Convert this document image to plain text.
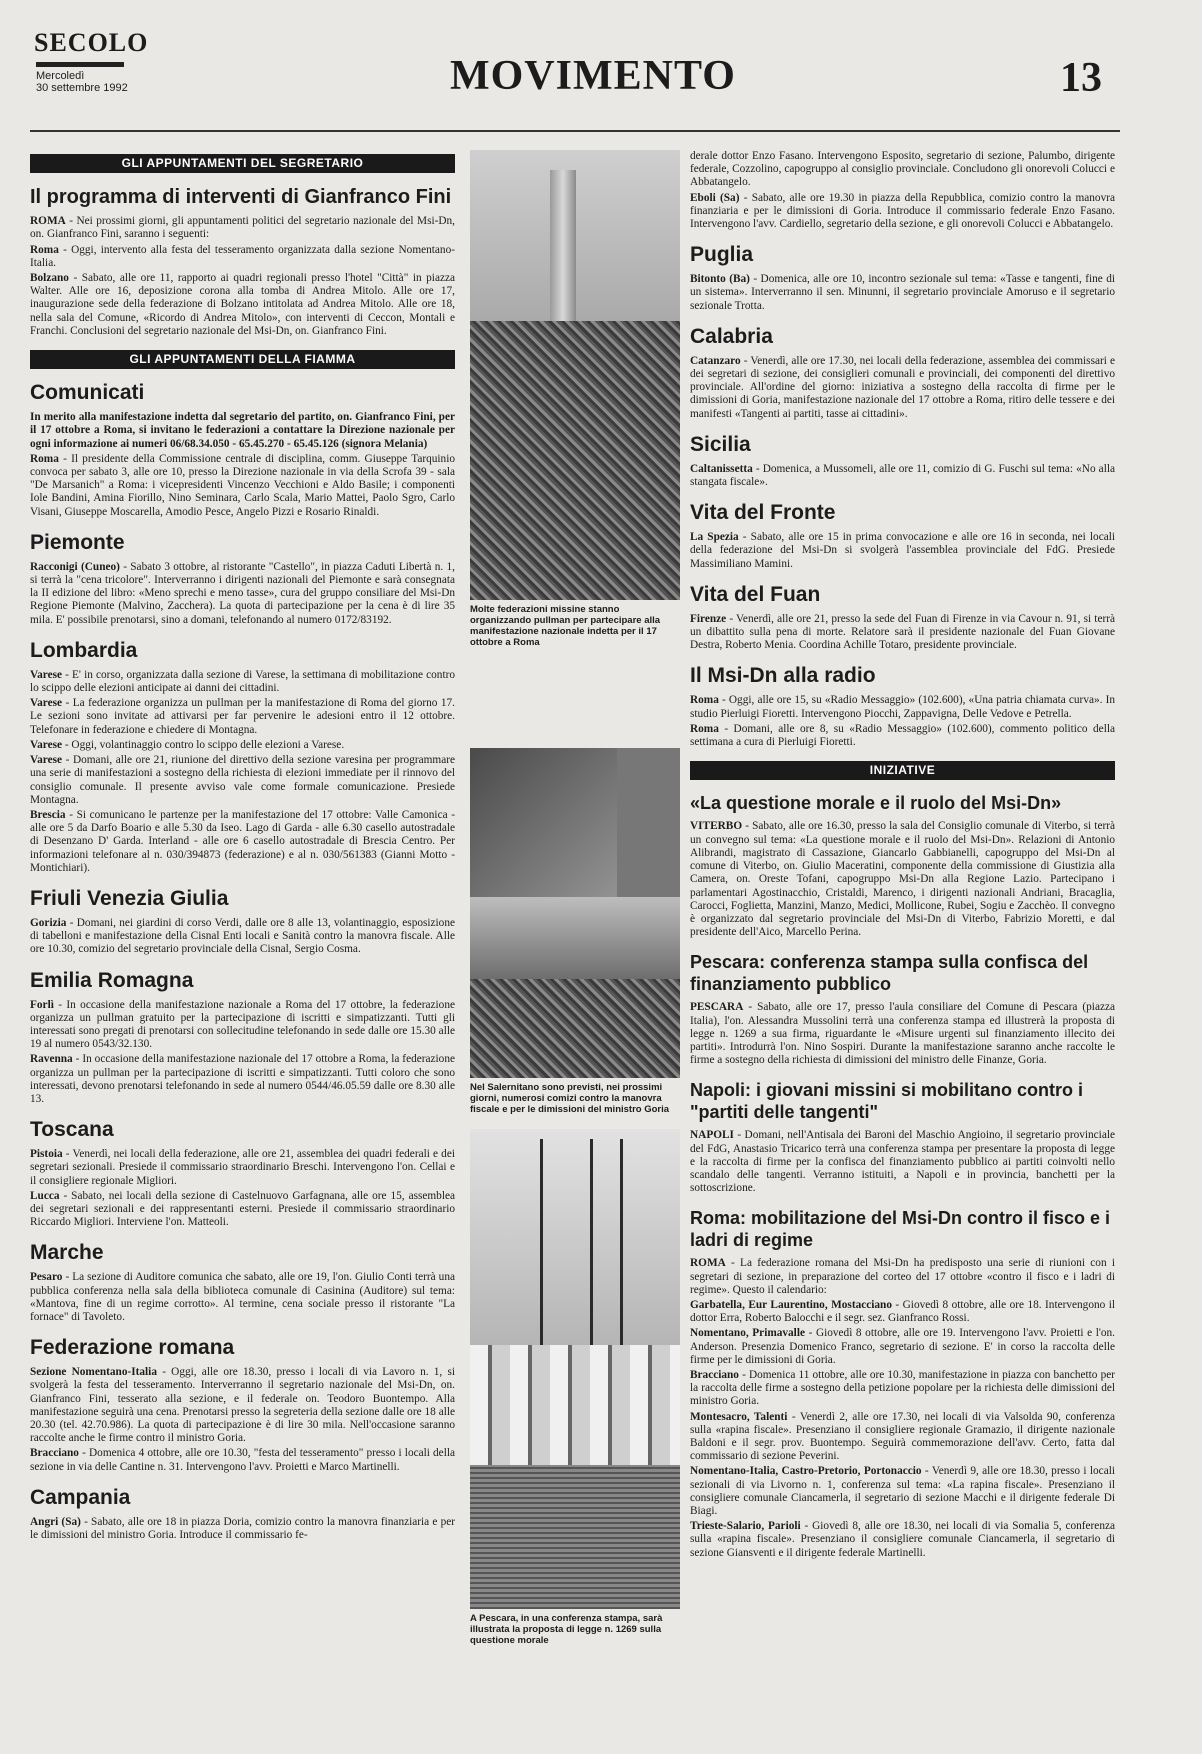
SECOLO
Mercoledì
30 settembre 1992	MOVIMENTO	13
GLI APPUNTAMENTI DEL SEGRETARIO
Il programma di interventi di Gianfranco Fini

ROMA - Nei prossimi giorni, gli appuntamenti politici del segretario nazionale del Msi-Dn, on. Gianfranco Fini, saranno i seguenti:

Roma - Oggi, intervento alla festa del tesseramento organizzata dalla sezione Nomentano-Italia.

Bolzano - Sabato, alle ore 11, rapporto ai quadri regionali presso l'hotel "Città" in piazza Walter. Alle ore 16, deposizione corona alla tomba di Andrea Mitolo. Alle ore 17, inaugurazione sede della federazione di Bolzano intitolata ad Andrea Mitolo. Alle ore 18, nella sala del Comune, «Ricordo di Andrea Mitolo», con interventi di Ceccon, Montali e Franchi. Conclusioni del segretario nazionale del Msi-Dn, on. Gianfranco Fini.

GLI APPUNTAMENTI DELLA FIAMMA
Comunicati

In merito alla manifestazione indetta dal segretario del partito, on. Gianfranco Fini, per il 17 ottobre a Roma, si invitano le federazioni a contattare la Direzione nazionale per ogni informazione ai numeri 06/68.34.050 - 65.45.270 - 65.45.126 (signora Melania)

Roma - Il presidente della Commissione centrale di disciplina, comm. Giuseppe Tarquinio convoca per sabato 3, alle ore 10, presso la Direzione nazionale in via della Scrofa 39 - sala "De Marsanich" a Roma: i vicepresidenti Vincenzo Vecchioni e Aldo Basile; i componenti Iole Bandini, Amina Fiorillo, Nino Seminara, Carlo Scala, Mario Mattei, Paolo Sgro, Carlo Visani, Giuseppe Moscarella, Amodio Pesce, Angelo Pizzi e Rosario Rinaldi.

Piemonte

Racconigi (Cuneo) - Sabato 3 ottobre, al ristorante "Castello", in piazza Caduti Libertà n. 1, si terrà la "cena tricolore". Interverranno i dirigenti nazionali del Piemonte e sarà consegnata la II edizione del libro: «Meno sprechi e meno tasse», cura del gruppo consiliare del Msi-Dn Regione Piemonte (Malvino, Zacchera). La quota di partecipazione per la cena è di lire 35 mila. E' possibile prenotarsi, sino a domani, telefonando al numero 0172/83192.

Lombardia

Varese - E' in corso, organizzata dalla sezione di Varese, la settimana di mobilitazione contro lo scippo delle elezioni anticipate ai danni dei cittadini.

Varese - La federazione organizza un pullman per la manifestazione di Roma del giorno 17. Le sezioni sono invitate ad attivarsi per far pervenire le adesioni entro il 12 ottobre. Telefonare in federazione e chiedere di Montagna.

Varese - Oggi, volantinaggio contro lo scippo delle elezioni a Varese.

Varese - Domani, alle ore 21, riunione del direttivo della sezione varesina per programmare una serie di manifestazioni a sostegno della richiesta di elezioni immediate per il rinnovo del consiglio comunale. Il presente avviso vale come formale comunicazione. Presiede Montagna.

Brescia - Si comunicano le partenze per la manifestazione del 17 ottobre: Valle Camonica - alle ore 5 da Darfo Boario e alle 5.30 da Iseo. Lago di Garda - alle 6.30 casello autostradale di Desenzano D' Garda. Interland - alle ore 6 casello autostradale di Brescia Centro. Per informazioni telefonare al n. 030/394873 (federazione) e al n. 030/561383 (Gianni Motto - Montichiari).

Friuli Venezia Giulia

Gorizia - Domani, nei giardini di corso Verdi, dalle ore 8 alle 13, volantinaggio, esposizione di tabelloni e manifestazione della Cisnal Enti locali e Sanità contro la manovra fiscale. Alle ore 10.30, comizio del segretario provinciale della Cisnal, Sergio Cosma.

Emilia Romagna

Forlì - In occasione della manifestazione nazionale a Roma del 17 ottobre, la federazione organizza un pullman gratuito per la partecipazione di iscritti e simpatizzanti. Tutti gli interessati sono pregati di prenotarsi con sollecitudine telefonando in sede dalle ore 15.30 alle 19 al numero 0543/32.130.

Ravenna - In occasione della manifestazione nazionale del 17 ottobre a Roma, la federazione organizza un pullman per la partecipazione di iscritti e simpatizzanti. Tutti coloro che sono interessati, devono prenotarsi telefonando in sede al numero 0544/46.05.59 dalle ore 8.30 alle 13.

Toscana

Pistoia - Venerdì, nei locali della federazione, alle ore 21, assemblea dei quadri federali e dei segretari sezionali. Presiede il commissario straordinario Breschi. Intervengono l'on. Cellai e il consigliere regionale Migliori.

Lucca - Sabato, nei locali della sezione di Castelnuovo Garfagnana, alle ore 15, assemblea dei segretari sezionali e dei rappresentanti esterni. Presiede il commissario straordinario Riccardo Migliori. Interviene l'on. Matteoli.

Marche

Pesaro - La sezione di Auditore comunica che sabato, alle ore 19, l'on. Giulio Conti terrà una pubblica conferenza nella sala della biblioteca comunale di Casinina (Auditore) sul tema: «Mantova, fine di un regime corrotto». Al termine, cena sociale presso il ristorante "La fornace" di Tavoleto.

Federazione romana

Sezione Nomentano-Italia - Oggi, alle ore 18.30, presso i locali di via Lavoro n. 1, si svolgerà la festa del tesseramento. Interverranno il segretario nazionale del Msi-Dn, on. Gianfranco Fini, tesserato alla sezione, e il federale on. Teodoro Buontempo. Alla manifestazione seguirà una cena. Prenotarsi presso la segreteria della sezione dalle ore 18 alle 20.30 (tel. 42.70.986). La quota di partecipazione è di lire 30 mila. Nell'occasione saranno raccolte anche le firme contro il ministro Goria.

Bracciano - Domenica 4 ottobre, alle ore 10.30, "festa del tesseramento" presso i locali della sezione in via delle Cantine n. 31. Intervengono l'avv. Proietti e Marco Martinelli.

Campania

Angri (Sa) - Sabato, alle ore 18 in piazza Doria, comizio contro la manovra finanziaria e per le dimissioni del ministro Goria. Introduce il commissario fe-

Molte federazioni missine stanno organizzando pullman per partecipare alla manifestazione nazionale indetta per il 17 ottobre a Roma
Nel Salernitano sono previsti, nei prossimi giorni, numerosi comizi contro la manovra fiscale e per le dimissioni del ministro Goria
A Pescara, in una conferenza stampa, sarà illustrata la proposta di legge n. 1269 sulla questione morale

derale dottor Enzo Fasano. Intervengono Esposito, segretario di sezione, Palumbo, dirigente federale, Cozzolino, capogruppo al consiglio provinciale. Concludono gli onorevoli Colucci e Abbatangelo.

Eboli (Sa) - Sabato, alle ore 19.30 in piazza della Repubblica, comizio contro la manovra finanziaria e per le dimissioni di Goria. Introduce il commissario federale Enzo Fasano. Intervengono l'avv. Cardiello, segretario della sezione, e gli onorevoli Colucci e Abbatangelo.

Puglia

Bitonto (Ba) - Domenica, alle ore 10, incontro sezionale sul tema: «Tasse e tangenti, fine di un sistema». Interverranno il sen. Minunni, il segretario provinciale Amoruso e il segretario sezionale Trotta.

Calabria

Catanzaro - Venerdì, alle ore 17.30, nei locali della federazione, assemblea dei commissari e dei segretari di sezione, dei consiglieri comunali e provinciali, dei componenti del direttivo provinciale. All'ordine del giorno: iniziativa a sostegno della raccolta di firme per le dimissioni di Goria, manifestazione nazionale del 17 ottobre a Roma, ritiro delle tessere e dei manifesti «Tangenti ai partiti, tasse ai cittadini».

Sicilia

Caltanissetta - Domenica, a Mussomeli, alle ore 11, comizio di G. Fuschi sul tema: «No alla stangata fiscale».

Vita del Fronte

La Spezia - Sabato, alle ore 15 in prima convocazione e alle ore 16 in seconda, nei locali della federazione del Msi-Dn si svolgerà l'assemblea provinciale del FdG. Presiede Massimiliano Mamini.

Vita del Fuan

Firenze - Venerdì, alle ore 21, presso la sede del Fuan di Firenze in via Cavour n. 91, si terrà un dibattito sulla pena di morte. Relatore sarà il presidente nazionale del Fuan Giovane Destra, Roberto Menia. Coordina Achille Totaro, presidente provinciale.

Il Msi-Dn alla radio

Roma - Oggi, alle ore 15, su «Radio Messaggio» (102.600), «Una patria chiamata curva». In studio Pierluigi Fioretti. Intervengono Piocchi, Zappavigna, Delle Vedove e Petrella.

Roma - Domani, alle ore 8, su «Radio Messaggio» (102.600), commento politico della settimana a cura di Pierluigi Fioretti.

INIZIATIVE
«La questione morale e il ruolo del Msi-Dn»

VITERBO - Sabato, alle ore 16.30, presso la sala del Consiglio comunale di Viterbo, si terrà un convegno sul tema: «La questione morale e il ruolo del Msi-Dn». Relazioni di Antonio Alibrandi, magistrato di Cassazione, Giancarlo Gabbianelli, capogruppo del Msi-Dn al comune di Viterbo, on. Giulio Maceratini, componente della commissione di Giustizia alla Camera, on. Oreste Tofani, capogruppo Msi-Dn alla Regione Lazio. Partecipano i parlamentari Agostinacchio, Cristaldi, Marenco, i dirigenti nazionali Andriani, Bracaglia, Carocci, Foglietta, Manzini, Manzo, Medici, Mollicone, Rubei, Sogiu e Zacchèo. Il convegno è organizzato dal segretario provinciale del Msi-Dn di Viterbo, Fabrizio Moretti, e dal presidente dell'Aico, Marcello Perina.

Pescara: conferenza stampa sulla confisca del finanziamento pubblico

PESCARA - Sabato, alle ore 17, presso l'aula consiliare del Comune di Pescara (piazza Italia), l'on. Alessandra Mussolini terrà una conferenza stampa ed illustrerà la proposta di legge n. 1269 a sua firma, riguardante le «Misure urgenti sul finanziamento illecito dei partiti». Introdurrà l'on. Nino Sospiri. Durante la manifestazione saranno anche raccolte le firme a sostegno della richiesta di dimissioni del ministro delle Finanze, Goria.

Napoli: i giovani missini si mobilitano contro i "partiti delle tangenti"

NAPOLI - Domani, nell'Antisala dei Baroni del Maschio Angioino, il segretario provinciale del FdG, Anastasio Tricarico terrà una conferenza stampa per presentare la proposta di legge e la raccolta di firme per la confisca del finanziamento pubblico ai partiti coinvolti nello scandalo delle tangenti. Verranno istituiti, a Napoli e in provincia, banchetti per la sottoscrizione.

Roma: mobilitazione del Msi-Dn contro il fisco e i ladri di regime

ROMA - La federazione romana del Msi-Dn ha predisposto una serie di riunioni con i segretari di sezione, in preparazione del corteo del 17 ottobre «contro il fisco e i ladri di regime». Questo il calendario:

Garbatella, Eur Laurentino, Mostacciano - Giovedì 8 ottobre, alle ore 18. Intervengono il dottor Erra, Roberto Balocchi e il segr. sez. Gianfranco Rossi.

Nomentano, Primavalle - Giovedì 8 ottobre, alle ore 19. Intervengono l'avv. Proietti e l'on. Anderson. Presenzia Domenico Franco, segretario di sezione. E' in corso la raccolta delle firme per le dimissioni di Goria.

Bracciano - Domenica 11 ottobre, alle ore 10.30, manifestazione in piazza con banchetto per la raccolta delle firme a sostegno della petizione popolare per la richiesta delle dimissioni del ministro Goria.

Montesacro, Talenti - Venerdì 2, alle ore 17.30, nei locali di via Valsolda 90, conferenza sulla «rapina fiscale». Presenziano il consigliere regionale Gramazio, il dirigente nazionale Baldoni e il segr. prov. Buontempo. Seguirà commemorazione dell'avv. Certo, fatta dal commissario di sezione Peverini.

Nomentano-Italia, Castro-Pretorio, Portonaccio - Venerdì 9, alle ore 18.30, presso i locali sezionali di via Livorno n. 1, conferenza sul tema: «La rapina fiscale». Presenziano il consigliere comunale Ciancamerla, il segretario di sezione Macchi e il dirigente federale Di Biagi.

Trieste-Salario, Parioli - Giovedì 8, alle ore 18.30, nei locali di via Somalia 5, conferenza sulla «rapina fiscale». Presenziano il consigliere comunale Ciancamerla, il segretario di sezione Giansventi e il dirigente federale Martinelli.
